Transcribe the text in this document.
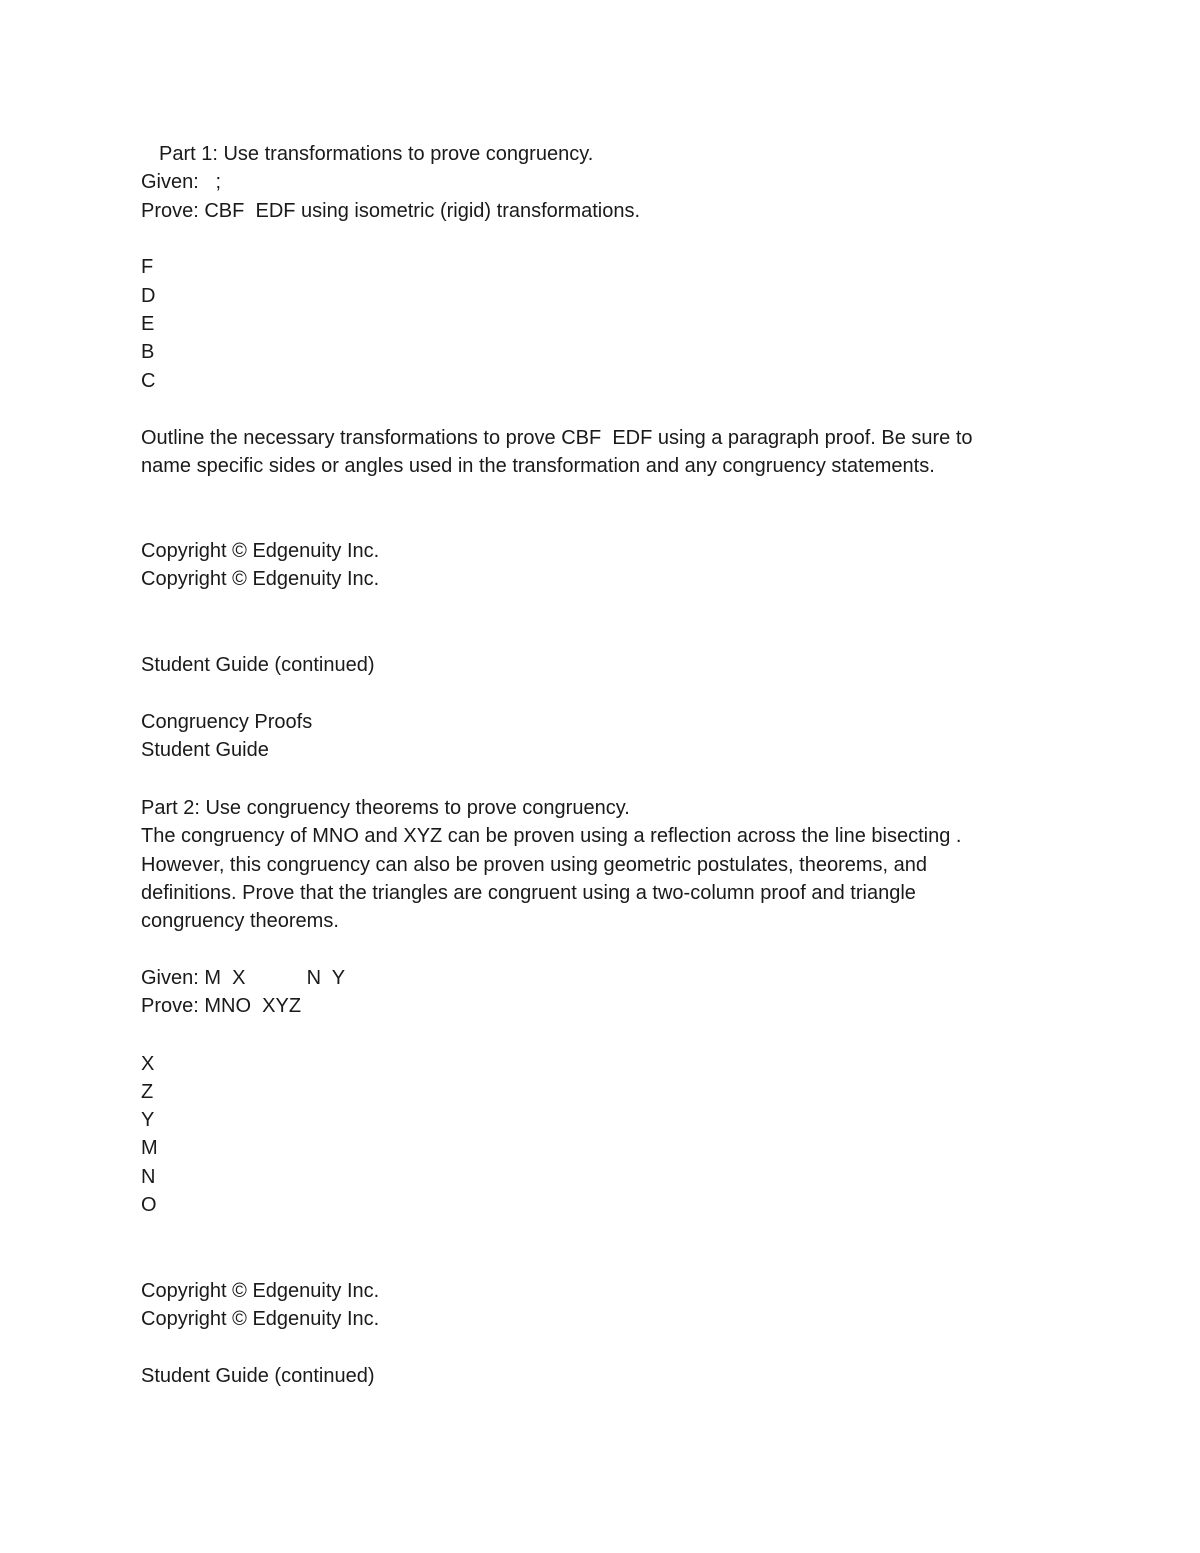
Part 1: Use transformations to prove congruency.
Given:   ;
Prove: CBF  EDF using isometric (rigid) transformations.
F
D
E
B
C
Outline the necessary transformations to prove CBF  EDF using a paragraph proof. Be sure to
name specific sides or angles used in the transformation and any congruency statements.
Copyright © Edgenuity Inc.
Copyright © Edgenuity Inc.
Student Guide (continued)
Congruency Proofs
Student Guide
Part 2: Use congruency theorems to prove congruency.
The congruency of MNO and XYZ can be proven using a reflection across the line bisecting .
However, this congruency can also be proven using geometric postulates, theorems, and
definitions. Prove that the triangles are congruent using a two-column proof and triangle
congruency theorems.
Given: M  X           N  Y
Prove: MNO  XYZ
X
Z
Y
M
N
O
Copyright © Edgenuity Inc.
Copyright © Edgenuity Inc.
Student Guide (continued)
